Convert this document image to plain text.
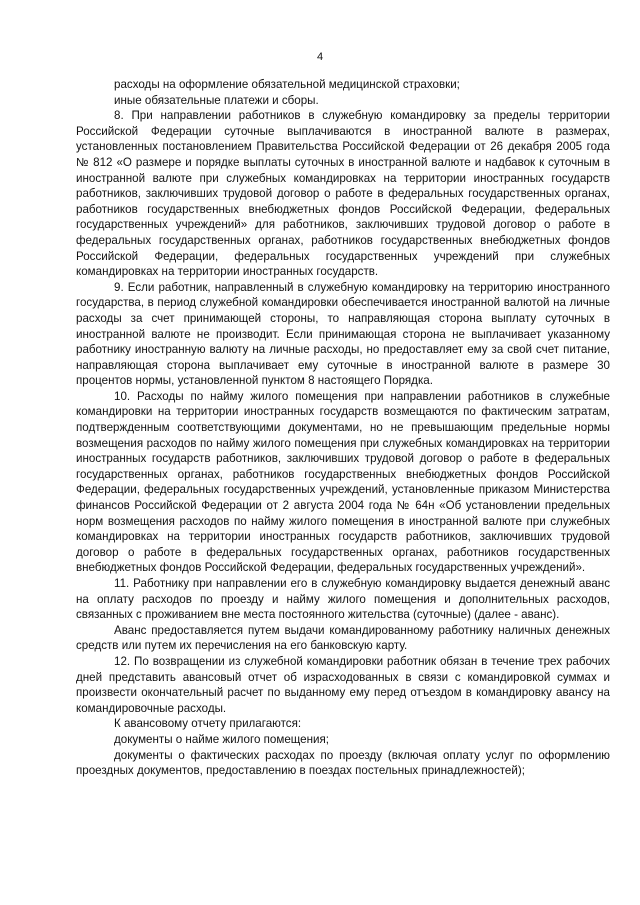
4

расходы на оформление обязательной медицинской страховки;

иные обязательные платежи и сборы.

8. При направлении работников в служебную командировку за пределы территории Российской Федерации суточные выплачиваются в иностранной валюте в размерах, установленных постановлением Правительства Российской Федерации от 26 декабря 2005 года № 812 «О размере и порядке выплаты суточных в иностранной валюте и надбавок к суточным в иностранной валюте при служебных командировках на территории иностранных государств работников, заключивших трудовой договор о работе в федеральных государственных органах, работников государственных внебюджетных фондов Российской Федерации, федеральных государственных учреждений» для работников, заключивших трудовой договор о работе в федеральных государственных органах, работников государственных внебюджетных фондов Российской Федерации, федеральных государственных учреждений при служебных командировках на территории иностранных государств.

9. Если работник, направленный в служебную командировку на территорию иностранного государства, в период служебной командировки обеспечивается иностранной валютой на личные расходы за счет принимающей стороны, то направляющая сторона выплату суточных в иностранной валюте не производит. Если принимающая сторона не выплачивает указанному работнику иностранную валюту на личные расходы, но предоставляет ему за свой счет питание, направляющая сторона выплачивает ему суточные в иностранной валюте в размере 30 процентов нормы, установленной пунктом 8 настоящего Порядка.

10. Расходы по найму жилого помещения при направлении работников в служебные командировки на территории иностранных государств возмещаются по фактическим затратам, подтвержденным соответствующими документами, но не превышающим предельные нормы возмещения расходов по найму жилого помещения при служебных командировках на территории иностранных государств работников, заключивших трудовой договор о работе в федеральных государственных органах, работников государственных внебюджетных фондов Российской Федерации, федеральных государственных учреждений, установленные приказом Министерства финансов Российской Федерации от 2 августа 2004 года № 64н «Об установлении предельных норм возмещения расходов по найму жилого помещения в иностранной валюте при служебных командировках на территории иностранных государств работников, заключивших трудовой договор о работе в федеральных государственных органах, работников государственных внебюджетных фондов Российской Федерации, федеральных государственных учреждений».

11. Работнику при направлении его в служебную командировку выдается денежный аванс на оплату расходов по проезду и найму жилого помещения и дополнительных расходов, связанных с проживанием вне места постоянного жительства (суточные) (далее - аванс).

Аванс предоставляется путем выдачи командированному работнику наличных денежных средств или путем их перечисления на его банковскую карту.

12. По возвращении из служебной командировки работник обязан в течение трех рабочих дней представить авансовый отчет об израсходованных в связи с командировкой суммах и произвести окончательный расчет по выданному ему перед отъездом в командировку авансу на командировочные расходы.

К авансовому отчету прилагаются:

документы о найме жилого помещения;

документы о фактических расходах по проезду (включая оплату услуг по оформлению проездных документов, предоставлению в поездах постельных принадлежностей);
